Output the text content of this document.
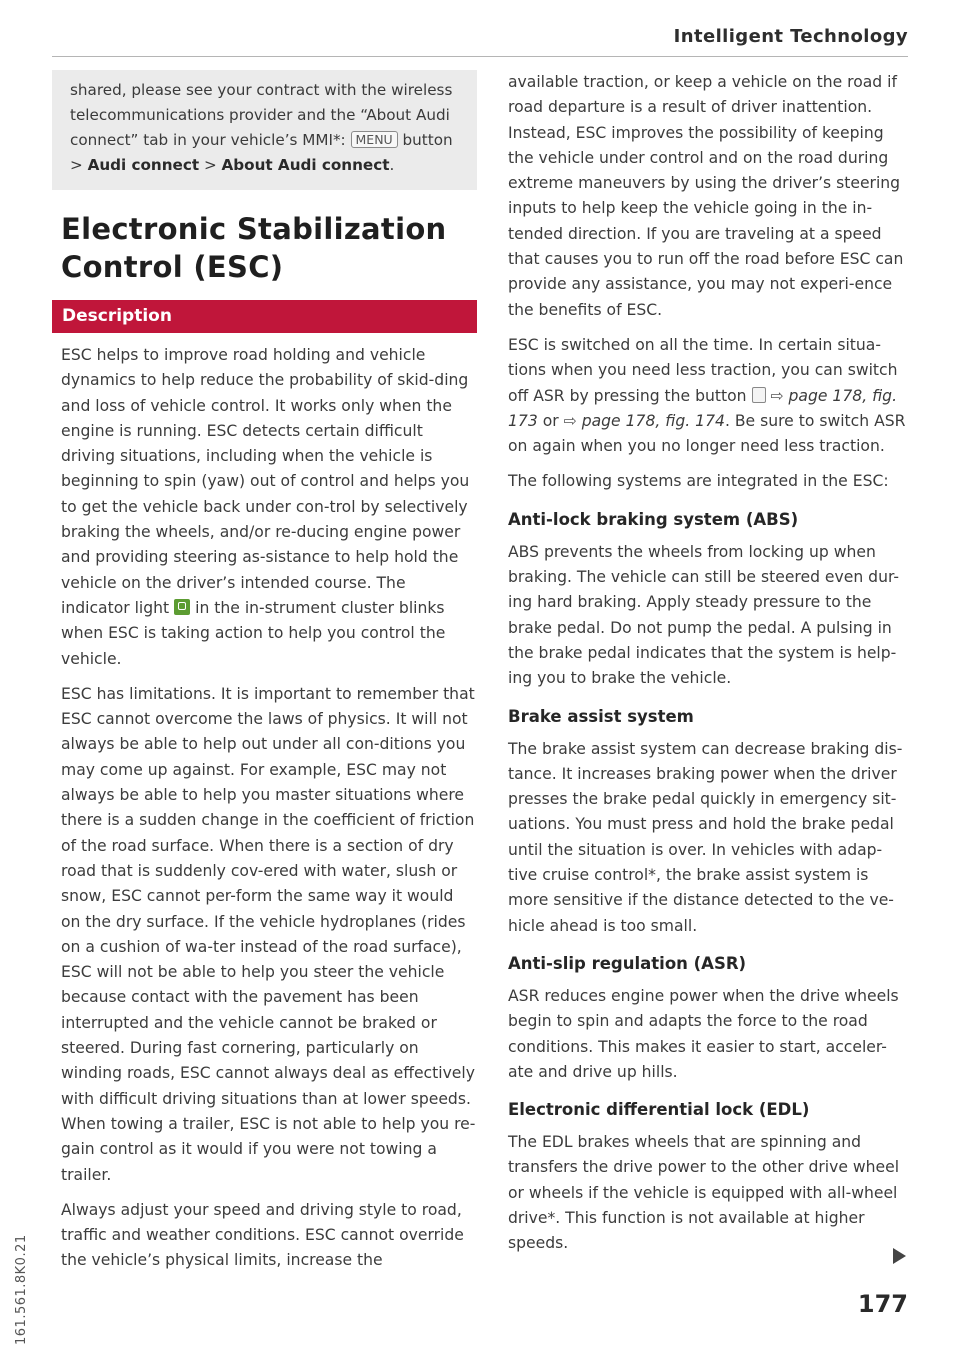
Intelligent Technology
shared, please see your contract with the wireless telecommunications provider and the “About Audi connect” tab in your vehicle’s MMI*: MENU button > Audi connect > About Audi connect.
Electronic Stabilization Control (ESC)
Description

ESC helps to improve road holding and vehicle dynamics to help reduce the probability of skid-ding and loss of vehicle control. It works only when the engine is running. ESC detects certain difficult driving situations, including when the vehicle is beginning to spin (yaw) out of control and helps you to get the vehicle back under con-trol by selectively braking the wheels, and/or re-ducing engine power and providing steering as-sistance to help hold the vehicle on the driver’s intended course. The indicator light in the in-strument cluster blinks when ESC is taking action to help you control the vehicle.

ESC has limitations. It is important to remember that ESC cannot overcome the laws of physics. It will not always be able to help out under all con-ditions you may come up against. For example, ESC may not always be able to help you master situations where there is a sudden change in the coefficient of friction of the road surface. When there is a section of dry road that is suddenly cov-ered with water, slush or snow, ESC cannot per-form the same way it would on the dry surface. If the vehicle hydroplanes (rides on a cushion of wa-ter instead of the road surface), ESC will not be able to help you steer the vehicle because contact with the pavement has been interrupted and the vehicle cannot be braked or steered. During fast cornering, particularly on winding roads, ESC cannot always deal as effectively with difficult driving situations than at lower speeds. When towing a trailer, ESC is not able to help you re-gain control as it would if you were not towing a trailer.

Always adjust your speed and driving style to road, traffic and weather conditions. ESC cannot override the vehicle’s physical limits, increase the

available traction, or keep a vehicle on the road if road departure is a result of driver inattention. Instead, ESC improves the possibility of keeping the vehicle under control and on the road during extreme maneuvers by using the driver’s steering inputs to help keep the vehicle going in the in-tended direction. If you are traveling at a speed that causes you to run off the road before ESC can provide any assistance, you may not experi-ence the benefits of ESC.

ESC is switched on all the time. In certain situa-tions when you need less traction, you can switch off ASR by pressing the button ⇨ page 178, fig. 173 or ⇨ page 178, fig. 174. Be sure to switch ASR on again when you no longer need less traction.

The following systems are integrated in the ESC:

Anti-lock braking system (ABS)

ABS prevents the wheels from locking up when braking. The vehicle can still be steered even dur-ing hard braking. Apply steady pressure to the brake pedal. Do not pump the pedal. A pulsing in the brake pedal indicates that the system is help-ing you to brake the vehicle.

Brake assist system

The brake assist system can decrease braking dis-tance. It increases braking power when the driver presses the brake pedal quickly in emergency sit-uations. You must press and hold the brake pedal until the situation is over. In vehicles with adap-tive cruise control*, the brake assist system is more sensitive if the distance detected to the ve-hicle ahead is too small.

Anti-slip regulation (ASR)

ASR reduces engine power when the drive wheels begin to spin and adapts the force to the road conditions. This makes it easier to start, acceler-ate and drive up hills.

Electronic differential lock (EDL)

The EDL brakes wheels that are spinning and transfers the drive power to the other drive wheel or wheels if the vehicle is equipped with all-wheel drive*. This function is not available at higher speeds.

177
161.561.8K0.21
